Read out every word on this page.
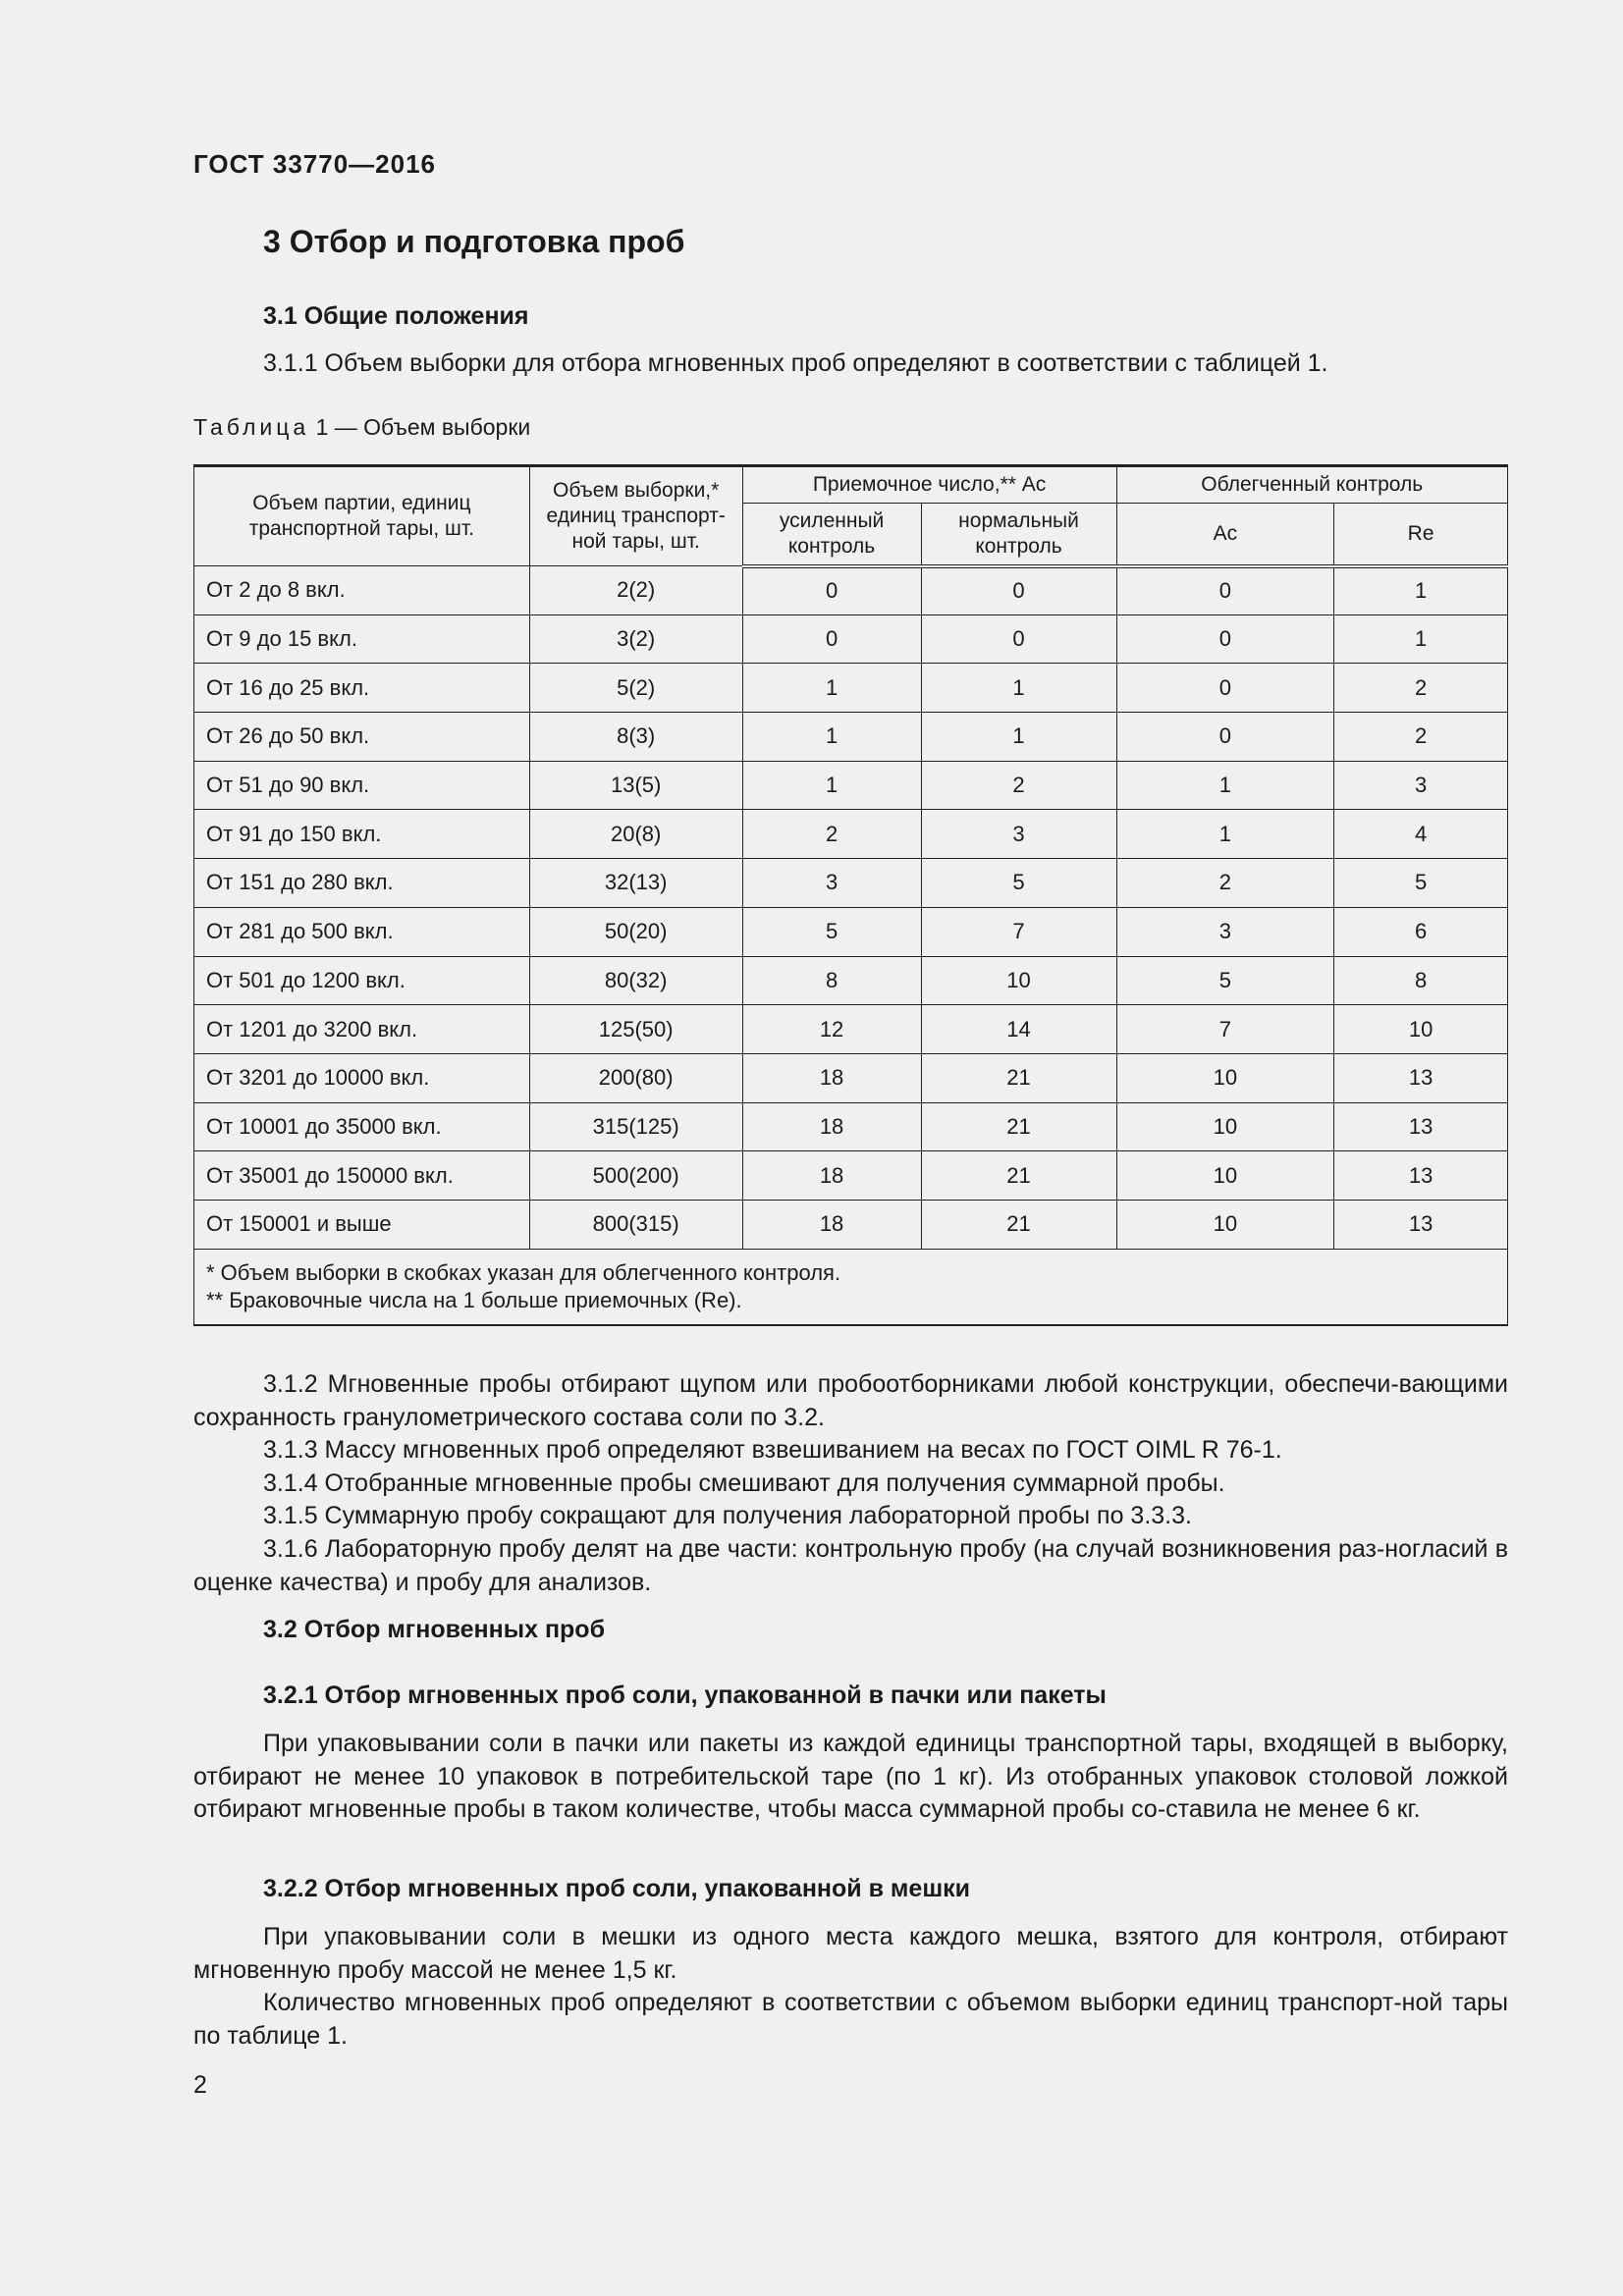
ГОСТ 33770—2016
3 Отбор и подготовка проб
3.1 Общие положения
3.1.1 Объем выборки для отбора мгновенных проб определяют в соответствии с таблицей 1.
Таблица 1 — Объем выборки
Объем партии, единиц транспортной тары, шт.	Объем выборки,* единиц транспорт-ной тары, шт.	Приемочное число,** Ас		Облегченный контроль	
		усиленный контроль	нормальный контроль	Ас	Re
От 2 до 8 вкл.	2(2)	0	0	0	1
От 9 до 15 вкл.	3(2)	0	0	0	1
От 16 до 25 вкл.	5(2)	1	1	0	2
От 26 до 50 вкл.	8(3)	1	1	0	2
От 51 до 90 вкл.	13(5)	1	2	1	3
От 91 до 150 вкл.	20(8)	2	3	1	4
От 151 до 280 вкл.	32(13)	3	5	2	5
От 281 до 500 вкл.	50(20)	5	7	3	6
От 501 до 1200 вкл.	80(32)	8	10	5	8
От 1201 до 3200 вкл.	125(50)	12	14	7	10
От 3201 до 10000 вкл.	200(80)	18	21	10	13
От 10001 до 35000 вкл.	315(125)	18	21	10	13
От 35001 до 150000 вкл.	500(200)	18	21	10	13
От 150001 и выше	800(315)	18	21	10	13

* Объем выборки в скобках указан для облегченного контроля.
** Браковочные числа на 1 больше приемочных (Re).					
3.1.2 Мгновенные пробы отбирают щупом или пробоотборниками любой конструкции, обеспечи-вающими сохранность гранулометрического состава соли по 3.2.
3.1.3 Массу мгновенных проб определяют взвешиванием на весах по ГОСТ OIML R 76-1.
3.1.4 Отобранные мгновенные пробы смешивают для получения суммарной пробы.
3.1.5 Суммарную пробу сокращают для получения лабораторной пробы по 3.3.3.
3.1.6 Лабораторную пробу делят на две части: контрольную пробу (на случай возникновения раз-ногласий в оценке качества) и пробу для анализов.
3.2 Отбор мгновенных проб
3.2.1 Отбор мгновенных проб соли, упакованной в пачки или пакеты
При упаковывании соли в пачки или пакеты из каждой единицы транспортной тары, входящей в выборку, отбирают не менее 10 упаковок в потребительской таре (по 1 кг). Из отобранных упаковок столовой ложкой отбирают мгновенные пробы в таком количестве, чтобы масса суммарной пробы со-ставила не менее 6 кг.
3.2.2 Отбор мгновенных проб соли, упакованной в мешки
При упаковывании соли в мешки из одного места каждого мешка, взятого для контроля, отбирают мгновенную пробу массой не менее 1,5 кг.
Количество мгновенных проб определяют в соответствии с объемом выборки единиц транспорт-ной тары по таблице 1.
2
